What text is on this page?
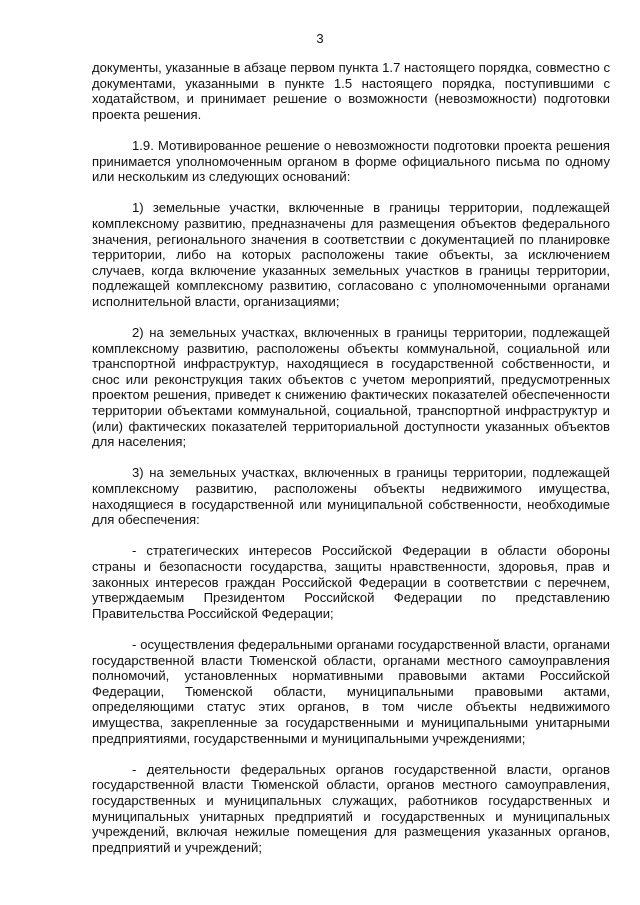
3

документы, указанные в абзаце первом пункта 1.7 настоящего порядка, совместно с документами, указанными в пункте 1.5 настоящего порядка, поступившими с ходатайством, и принимает решение о возможности (невозможности) подготовки проекта решения.

1.9. Мотивированное решение о невозможности подготовки проекта решения принимается уполномоченным органом в форме официального письма по одному или нескольким из следующих оснований:

1) земельные участки, включенные в границы территории, подлежащей комплексному развитию, предназначены для размещения объектов федерального значения, регионального значения в соответствии с документацией по планировке территории, либо на которых расположены такие объекты, за исключением случаев, когда включение указанных земельных участков в границы территории, подлежащей комплексному развитию, согласовано с уполномоченными органами исполнительной власти, организациями;

2) на земельных участках, включенных в границы территории, подлежащей комплексному развитию, расположены объекты коммунальной, социальной или транспортной инфраструктур, находящиеся в государственной собственности, и снос или реконструкция таких объектов с учетом мероприятий, предусмотренных проектом решения, приведет к снижению фактических показателей обеспеченности территории объектами коммунальной, социальной, транспортной инфраструктур и (или) фактических показателей территориальной доступности указанных объектов для населения;

3) на земельных участках, включенных в границы территории, подлежащей комплексному развитию, расположены объекты недвижимого имущества, находящиеся в государственной или муниципальной собственности, необходимые для обеспечения:

- стратегических интересов Российской Федерации в области обороны страны и безопасности государства, защиты нравственности, здоровья, прав и законных интересов граждан Российской Федерации в соответствии с перечнем, утверждаемым Президентом Российской Федерации по представлению Правительства Российской Федерации;

- осуществления федеральными органами государственной власти, органами государственной власти Тюменской области, органами местного самоуправления полномочий, установленных нормативными правовыми актами Российской Федерации, Тюменской области, муниципальными правовыми актами, определяющими статус этих органов, в том числе объекты недвижимого имущества, закрепленные за государственными и муниципальными унитарными предприятиями, государственными и муниципальными учреждениями;

- деятельности федеральных органов государственной власти, органов государственной власти Тюменской области, органов местного самоуправления, государственных и муниципальных служащих, работников государственных и муниципальных унитарных предприятий и государственных и муниципальных учреждений, включая нежилые помещения для размещения указанных органов, предприятий и учреждений;
